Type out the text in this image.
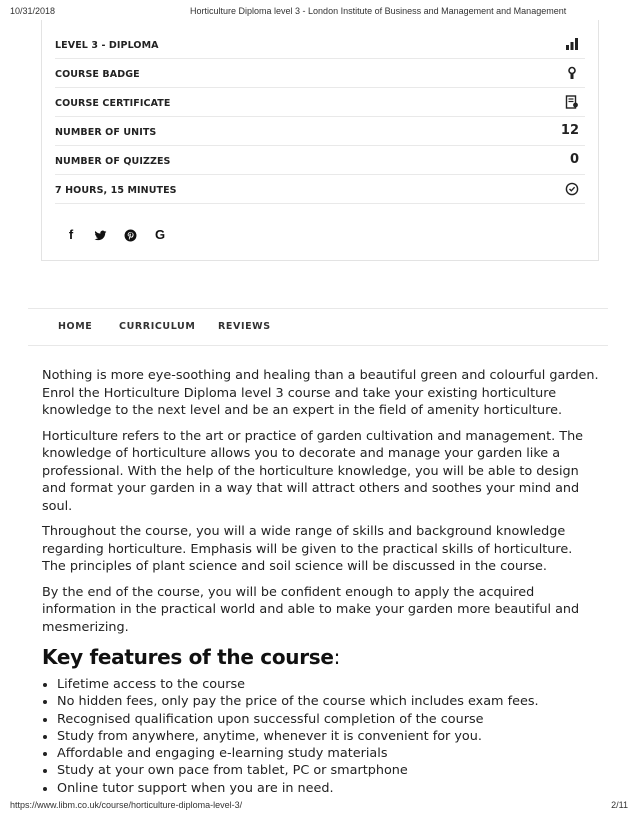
10/31/2018	Horticulture Diploma level 3 - London Institute of Business and Management and Management
LEVEL 3 - DIPLOMA
COURSE BADGE
COURSE CERTIFICATE
NUMBER OF UNITS	12
NUMBER OF QUIZZES	0
7 HOURS, 15 MINUTES
f	G
HOME	CURRICULUM REVIEWS

Nothing is more eye-soothing and healing than a beautiful green and colourful garden. Enrol the Horticulture Diploma level 3 course and take your existing horticulture knowledge to the next level and be an expert in the field of amenity horticulture.

Horticulture refers to the art or practice of garden cultivation and management. The knowledge of horticulture allows you to decorate and manage your garden like a professional. With the help of the horticulture knowledge, you will be able to design and format your garden in a way that will attract others and soothes your mind and soul.

Throughout the course, you will a wide range of skills and background knowledge regarding horticulture. Emphasis will be given to the practical skills of horticulture. The principles of plant science and soil science will be discussed in the course.

By the end of the course, you will be confident enough to apply the acquired information in the practical world and able to make your garden more beautiful and mesmerizing.

Key features of the course:
• Lifetime access to the course
• No hidden fees, only pay the price of the course which includes exam fees.
• Recognised qualification upon successful completion of the course
• Study from anywhere, anytime, whenever it is convenient for you.
• Affordable and engaging e-learning study materials
• Study at your own pace from tablet, PC or smartphone
• Online tutor support when you are in need.
https://www.libm.co.uk/course/horticulture-diploma-level-3/	2/11
